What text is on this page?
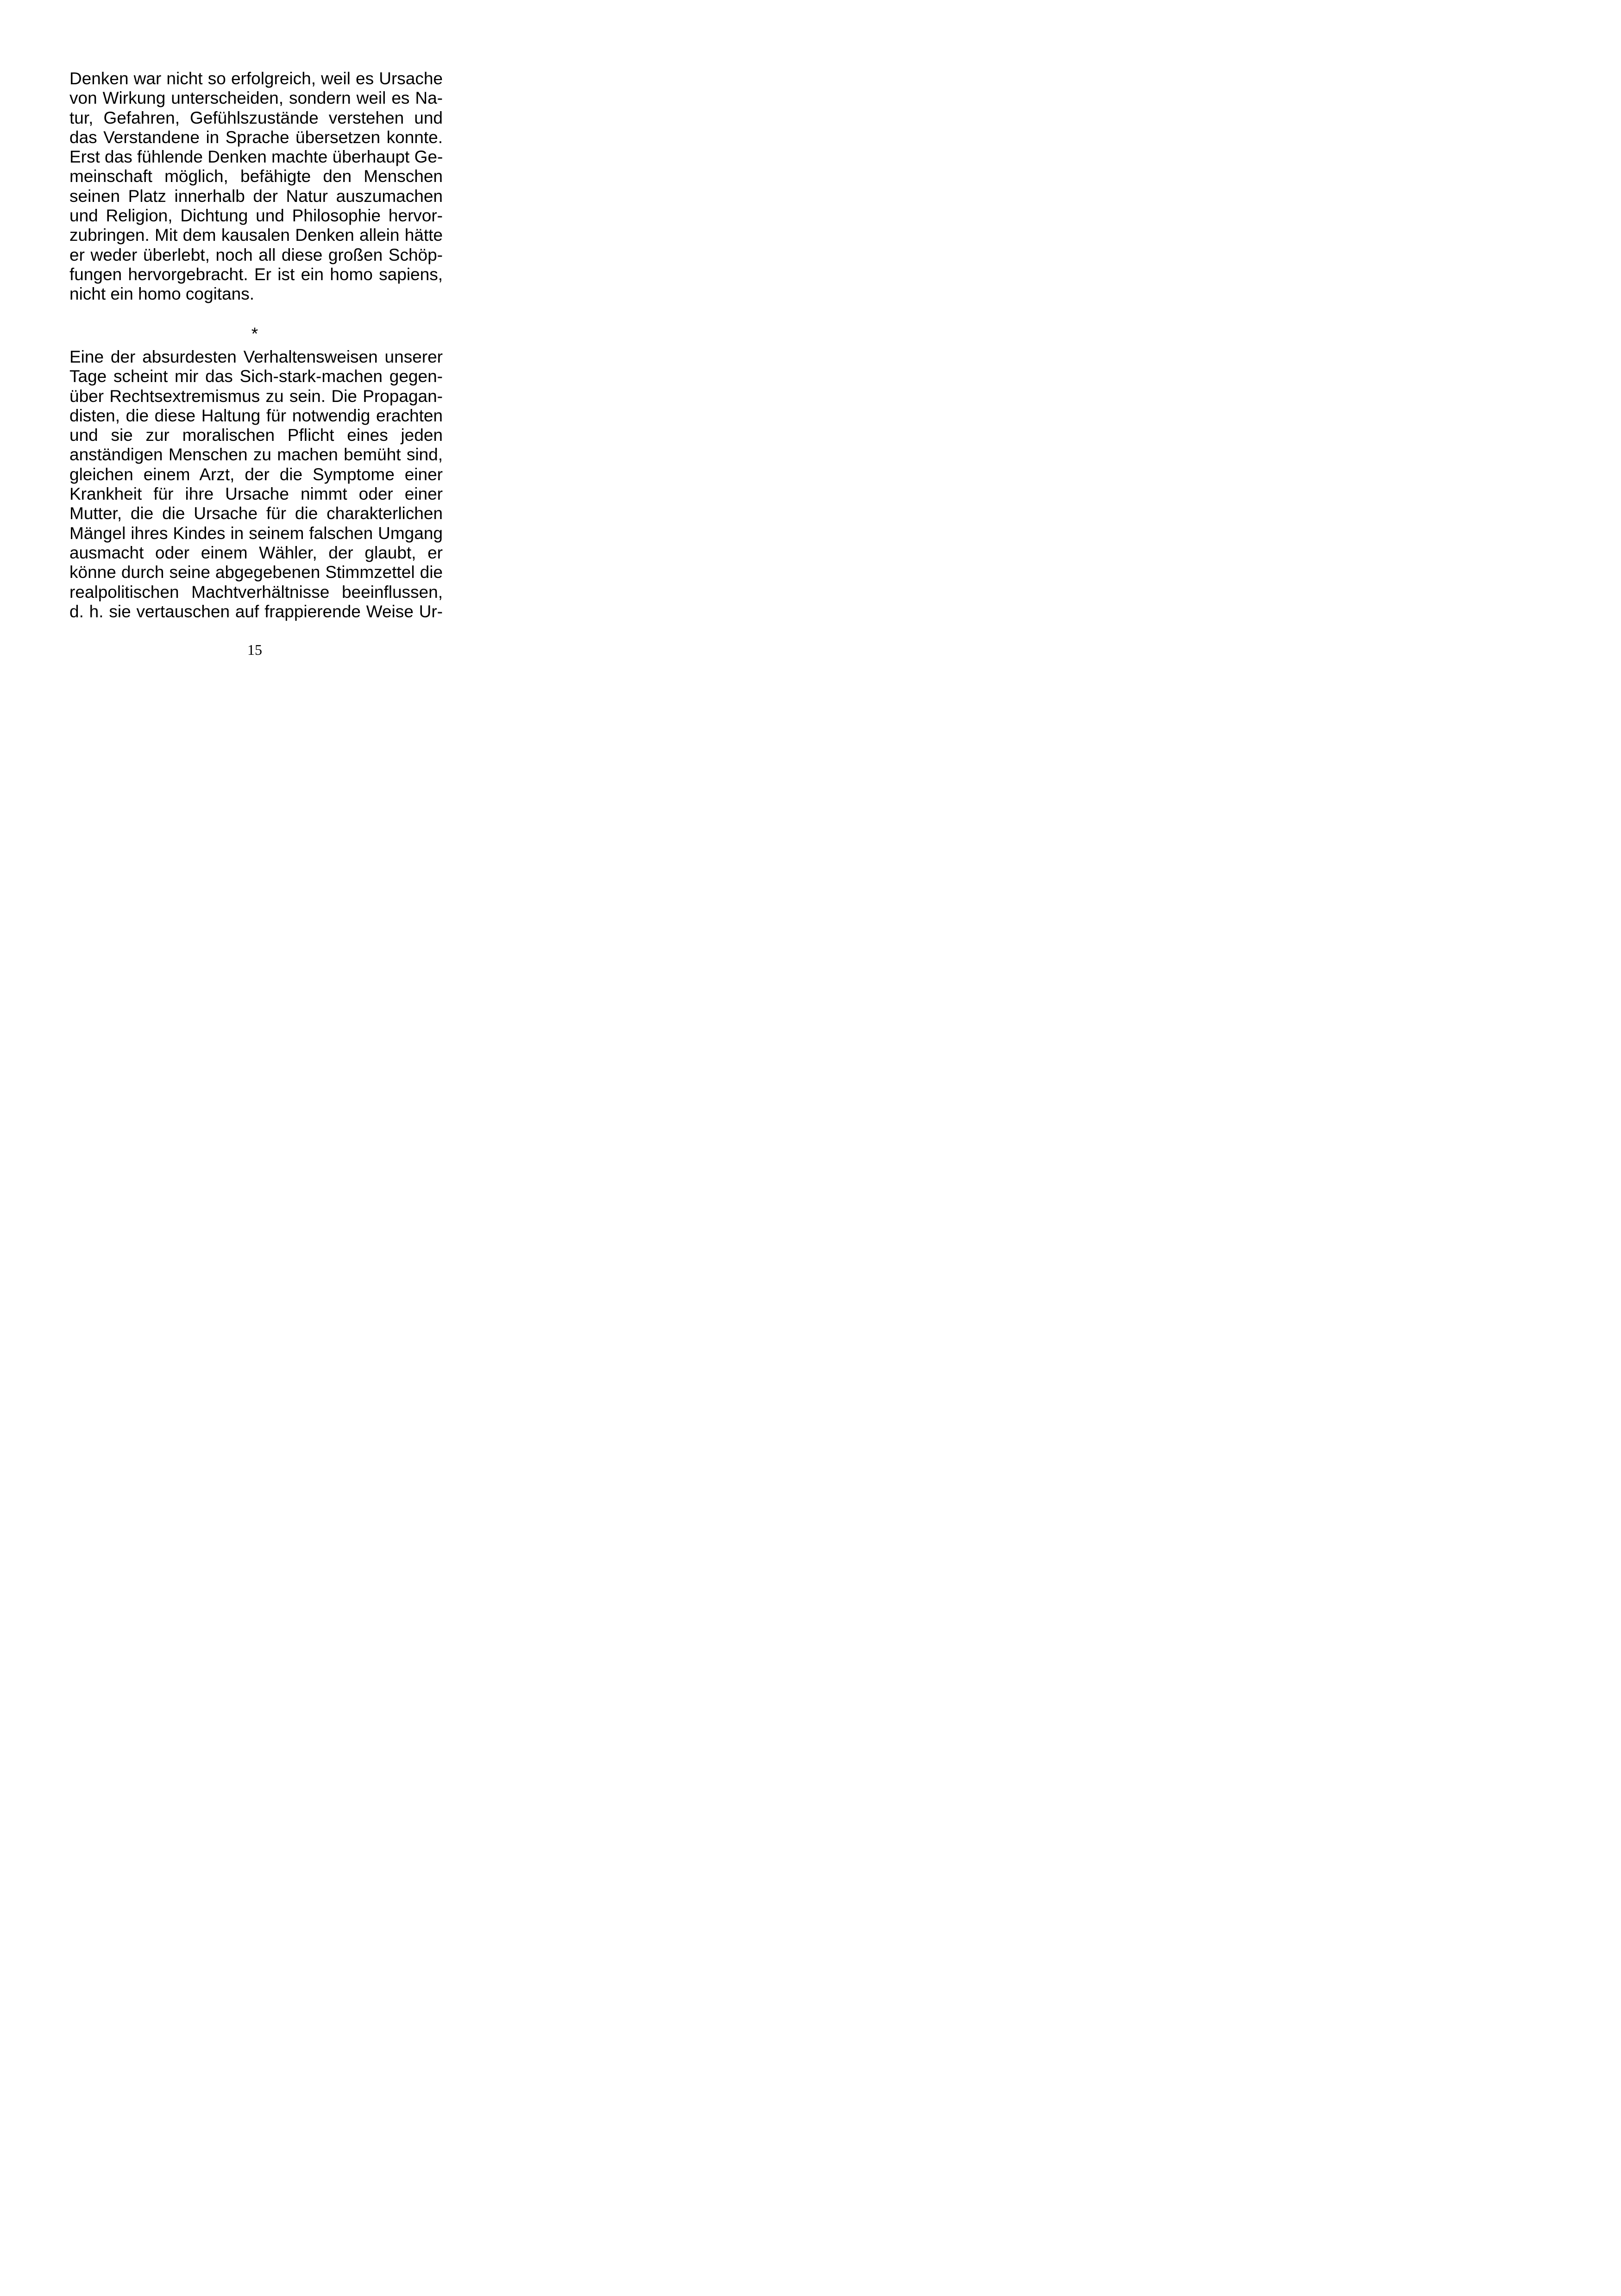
Denken war nicht so erfolgreich, weil es Ursache
von Wirkung unterscheiden, sondern weil es Na-
tur, Gefahren, Gefühlszustände verstehen und
das Verstandene in Sprache übersetzen konnte.
Erst das fühlende Denken machte überhaupt Ge-
meinschaft möglich, befähigte den Menschen
seinen Platz innerhalb der Natur auszumachen
und Religion, Dichtung und Philosophie hervor-
zubringen. Mit dem kausalen Denken allein hätte
er weder überlebt, noch all diese großen Schöp-
fungen hervorgebracht. Er ist ein homo sapiens,
nicht ein homo cogitans.
*
Eine der absurdesten Verhaltensweisen unserer
Tage scheint mir das Sich-stark-machen gegen-
über Rechtsextremismus zu sein. Die Propagan-
disten, die diese Haltung für notwendig erachten
und sie zur moralischen Pflicht eines jeden
anständigen Menschen zu machen bemüht sind,
gleichen einem Arzt, der die Symptome einer
Krankheit für ihre Ursache nimmt oder einer
Mutter, die die Ursache für die charakterlichen
Mängel ihres Kindes in seinem falschen Umgang
ausmacht oder einem Wähler, der glaubt, er
könne durch seine abgegebenen Stimmzettel die
realpolitischen Machtverhältnisse beeinflussen,
d. h. sie vertauschen auf frappierende Weise Ur-
15
